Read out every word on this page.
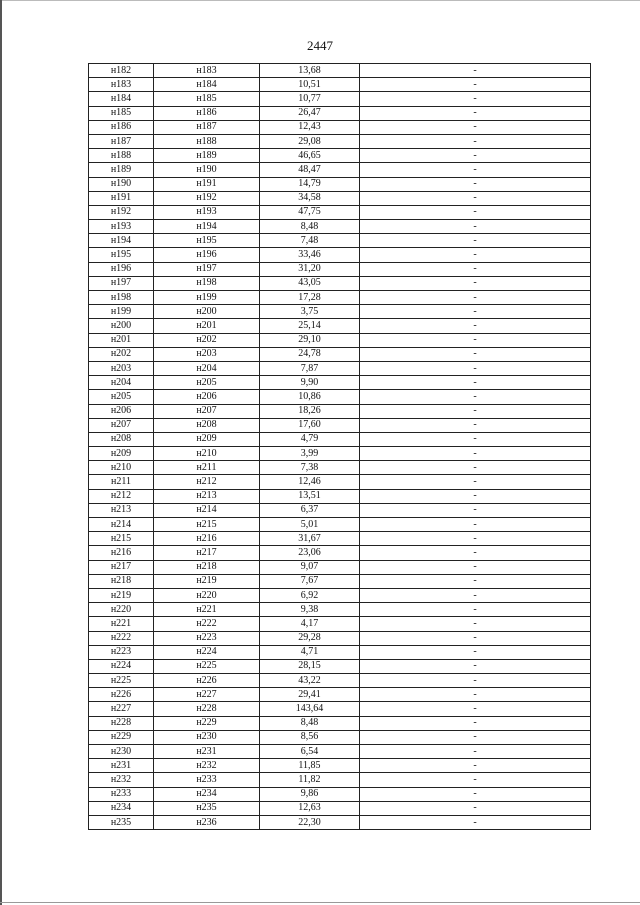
2447
н182	н183	13,68	-
н183	н184	10,51	-
н184	н185	10,77	-
н185	н186	26,47	-
н186	н187	12,43	-
н187	н188	29,08	-
н188	н189	46,65	-
н189	н190	48,47	-
н190	н191	14,79	-
н191	н192	34,58	-
н192	н193	47,75	-
н193	н194	8,48	-
н194	н195	7,48	-
н195	н196	33,46	-
н196	н197	31,20	-
н197	н198	43,05	-
н198	н199	17,28	-
н199	н200	3,75	-
н200	н201	25,14	-
н201	н202	29,10	-
н202	н203	24,78	-
н203	н204	7,87	-
н204	н205	9,90	-
н205	н206	10,86	-
н206	н207	18,26	-
н207	н208	17,60	-
н208	н209	4,79	-
н209	н210	3,99	-
н210	н211	7,38	-
н211	н212	12,46	-
н212	н213	13,51	-
н213	н214	6,37	-
н214	н215	5,01	-
н215	н216	31,67	-
н216	н217	23,06	-
н217	н218	9,07	-
н218	н219	7,67	-
н219	н220	6,92	-
н220	н221	9,38	-
н221	н222	4,17	-
н222	н223	29,28	-
н223	н224	4,71	-
н224	н225	28,15	-
н225	н226	43,22	-
н226	н227	29,41	-
н227	н228	143,64	-
н228	н229	8,48	-
н229	н230	8,56	-
н230	н231	6,54	-
н231	н232	11,85	-
н232	н233	11,82	-
н233	н234	9,86	-
н234	н235	12,63	-
н235	н236	22,30	-
